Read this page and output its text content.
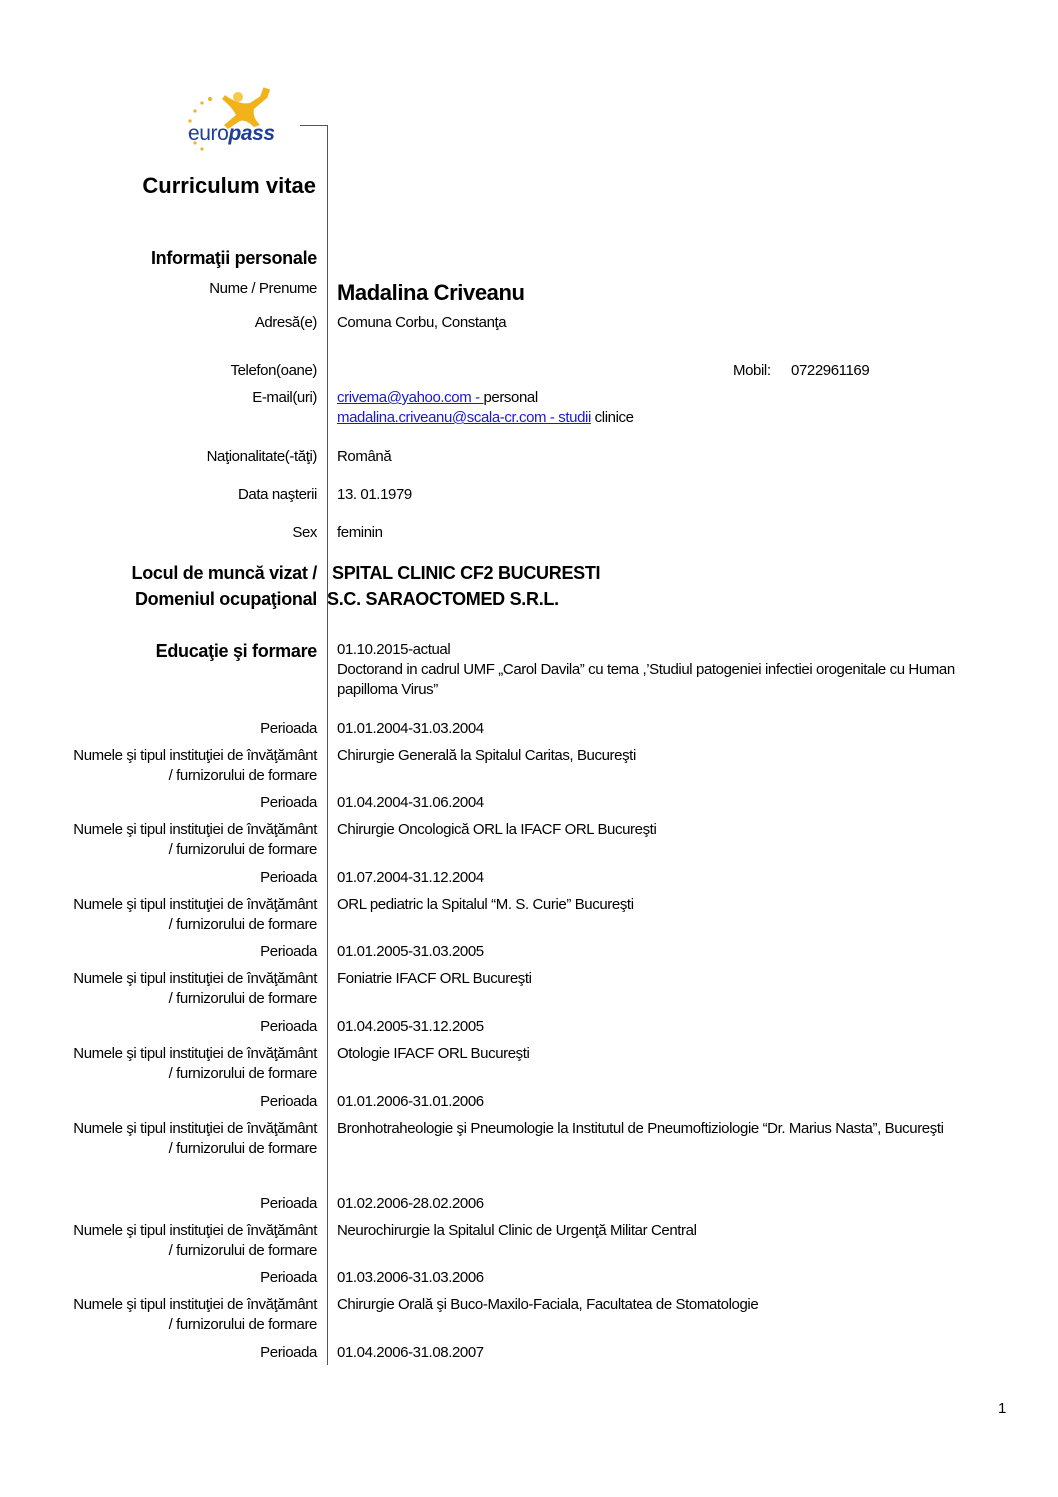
europass
Curriculum vitae
Informaţii personale
Nume / Prenume Madalina Criveanu
Adresă(e) Comuna Corbu, Constanţa
Telefon(oane)	Mobil: 0722961169
E-mail(uri) crivema@yahoo.com - personal
madalina.criveanu@scala-cr.com - studii clinice
Naţionalitate(-tăţi) Română
Data naşterii 13. 01.1979
Sex feminin
Locul de muncă vizat /
Domeniul ocupaţional
SPITAL CLINIC CF2 BUCURESTI
S.C. SARAOCTOMED S.R.L.
Educaţie şi formare 01.10.2015-actual
Doctorand in cadrul UMF „Carol Davila” cu tema ,’Studiul patogeniei infectiei orogenitale cu Human
papilloma Virus”
Perioada 01.01.2004-31.03.2004
Numele şi tipul instituţiei de învăţământ
/ furnizorului de formare
Chirurgie Generală la Spitalul Caritas, Bucureşti
Perioada 01.04.2004-31.06.2004
Numele şi tipul instituţiei de învăţământ
/ furnizorului de formare
Chirurgie Oncologică ORL la IFACF ORL Bucureşti
Perioada 01.07.2004-31.12.2004
Numele şi tipul instituţiei de învăţământ
/ furnizorului de formare
ORL pediatric la Spitalul “M. S. Curie” Bucureşti
Perioada 01.01.2005-31.03.2005
Numele şi tipul instituţiei de învăţământ
/ furnizorului de formare
Foniatrie IFACF ORL Bucureşti
Perioada 01.04.2005-31.12.2005
Numele şi tipul instituţiei de învăţământ
/ furnizorului de formare
Otologie IFACF ORL Bucureşti
Perioada 01.01.2006-31.01.2006
Numele şi tipul instituţiei de învăţământ
/ furnizorului de formare
Bronhotraheologie şi Pneumologie la Institutul de Pneumoftiziologie “Dr. Marius Nasta”, Bucureşti
Perioada 01.02.2006-28.02.2006
Numele şi tipul instituţiei de învăţământ
/ furnizorului de formare
Neurochirurgie la Spitalul Clinic de Urgenţă Militar Central
Perioada 01.03.2006-31.03.2006
Numele şi tipul instituţiei de învăţământ
/ furnizorului de formare
Chirurgie Orală şi Buco-Maxilo-Faciala, Facultatea de Stomatologie
Perioada 01.04.2006-31.08.2007
1
